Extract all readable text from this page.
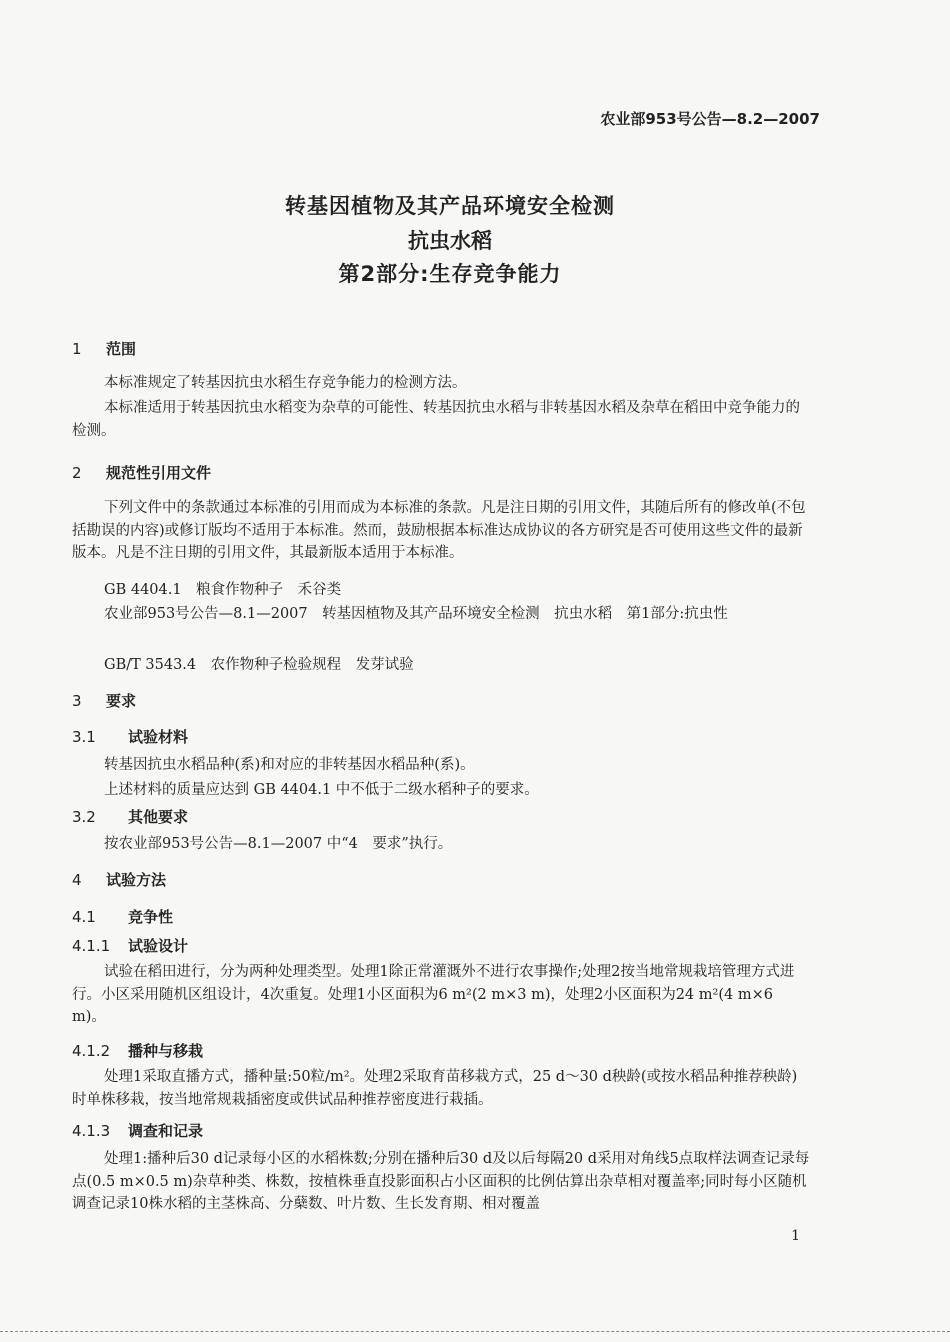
农业部953号公告—8.2—2007
转基因植物及其产品环境安全检测
抗虫水稻
第2部分:生存竞争能力
1 范围
本标准规定了转基因抗虫水稻生存竞争能力的检测方法。
本标准适用于转基因抗虫水稻变为杂草的可能性、转基因抗虫水稻与非转基因水稻及杂草在稻田中竞争能力的检测。
2 规范性引用文件
下列文件中的条款通过本标准的引用而成为本标准的条款。凡是注日期的引用文件，其随后所有的修改单(不包括勘误的内容)或修订版均不适用于本标准。然而，鼓励根据本标准达成协议的各方研究是否可使用这些文件的最新版本。凡是不注日期的引用文件，其最新版本适用于本标准。
GB 4404.1　粮食作物种子　禾谷类
农业部953号公告—8.1—2007　转基因植物及其产品环境安全检测　抗虫水稻　第1部分:抗虫性
GB/T 3543.4　农作物种子检验规程　发芽试验
3 要求
3.1 试验材料
转基因抗虫水稻品种(系)和对应的非转基因水稻品种(系)。
上述材料的质量应达到 GB 4404.1 中不低于二级水稻种子的要求。
3.2 其他要求
按农业部953号公告—8.1—2007 中“4　要求”执行。
4 试验方法
4.1 竞争性
4.1.1 试验设计
试验在稻田进行，分为两种处理类型。处理1除正常灌溉外不进行农事操作;处理2按当地常规栽培管理方式进行。小区采用随机区组设计，4次重复。处理1小区面积为6 m²(2 m×3 m)，处理2小区面积为24 m²(4 m×6 m)。
4.1.2 播种与移栽
处理1采取直播方式，播种量:50粒/m²。处理2采取育苗移栽方式，25 d～30 d秧龄(或按水稻品种推荐秧龄)时单株移栽，按当地常规栽插密度或供试品种推荐密度进行栽插。
4.1.3 调查和记录
处理1:播种后30 d记录每小区的水稻株数;分别在播种后30 d及以后每隔20 d采用对角线5点取样法调查记录每点(0.5 m×0.5 m)杂草种类、株数，按植株垂直投影面积占小区面积的比例估算出杂草相对覆盖率;同时每小区随机调查记录10株水稻的主茎株高、分蘖数、叶片数、生长发育期、相对覆盖
1
